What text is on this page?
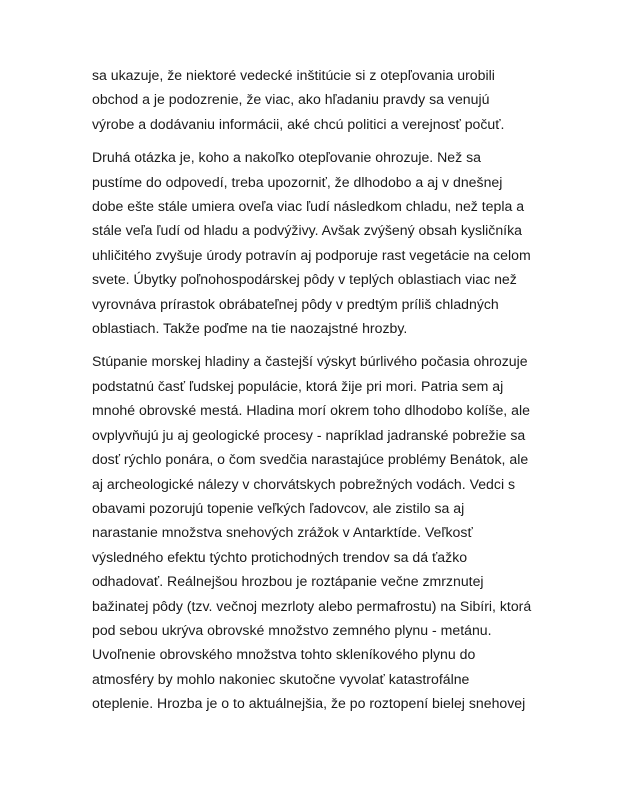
sa ukazuje, že niektoré vedecké inštitúcie si z otepľovania urobili
obchod a je podozrenie, že viac, ako hľadaniu pravdy sa venujú
výrobe a dodávaniu informácii, aké chcú politici a verejnosť počuť.

Druhá otázka je, koho a nakoľko otepľovanie ohrozuje. Než sa
pustíme do odpovedí, treba upozorniť, že dlhodobo a aj v dnešnej
dobe ešte stále umiera oveľa viac ľudí následkom chladu, než tepla a
stále veľa ľudí od hladu a podvýživy. Avšak zvýšený obsah kysličníka
uhličitého zvyšuje úrody potravín aj podporuje rast vegetácie na celom
svete. Úbytky poľnohospodárskej pôdy v teplých oblastiach viac než
vyrovnáva prírastok obrábateľnej pôdy v predtým príliš chladných
oblastiach. Takže poďme na tie naozajstné hrozby.

Stúpanie morskej hladiny a častejší výskyt búrlivého počasia ohrozuje
podstatnú časť ľudskej populácie, ktorá žije pri mori. Patria sem aj
mnohé obrovské mestá. Hladina morí okrem toho dlhodobo kolíše, ale
ovplyvňujú ju aj geologické procesy - napríklad jadranské pobrežie sa
dosť rýchlo ponára, o čom svedčia narastajúce problémy Benátok, ale
aj archeologické nálezy v chorvátskych pobrežných vodách. Vedci s
obavami pozorujú topenie veľkých ľadovcov, ale zistilo sa aj
narastanie množstva snehových zrážok v Antarktíde. Veľkosť
výsledného efektu týchto protichodných trendov sa dá ťažko
odhadovať. Reálnejšou hrozbou je roztápanie večne zmrznutej
bažinatej pôdy (tzv. večnoj mezrloty alebo permafrostu) na Sibíri, ktorá
pod sebou ukrýva obrovské množstvo zemného plynu - metánu.
Uvoľnenie obrovského množstva tohto skleníkového plynu do
atmosféry by mohlo nakoniec skutočne vyvolať katastrofálne
oteplenie. Hrozba je o to aktuálnejšia, že po roztopení bielej snehovej
